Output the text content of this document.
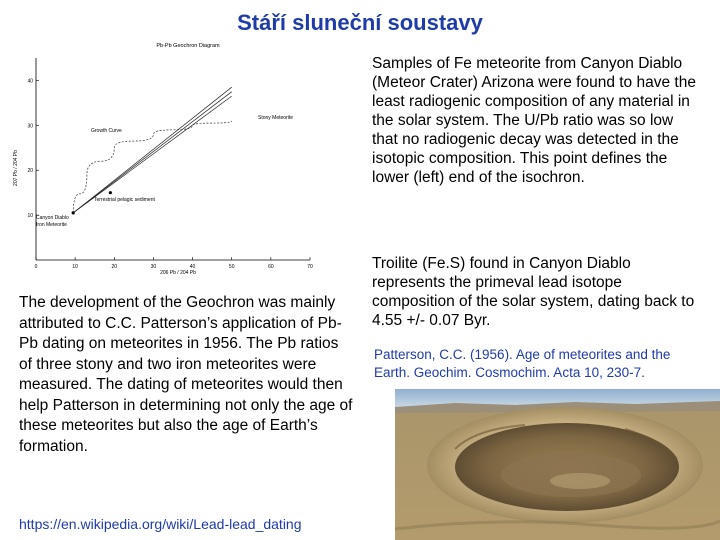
Stáří sluneční soustavy
Pb-Pb Geochron Diagram
207 Pb / 204 Pb
206 Pb / 204 Pb
40
30
20
10
0	10	20	30	40	50	60	70
Stony Meteorite
Growth Curve
Terrestrial pelagic sediment
Canyon Diablo
Iron Meteorite
Samples of Fe meteorite from Canyon Diablo (Meteor Crater) Arizona were found to have the least radiogenic composition of any material in the solar system. The U/Pb ratio was so low that no radiogenic decay was detected in the isotopic composition. This point defines the lower (left) end of the isochron.
Troilite (Fe.S) found in Canyon Diablo represents the primeval lead isotope composition of the solar system, dating back to 4.55 +/- 0.07 Byr.
Patterson, C.C. (1956). Age of meteorites and the Earth. Geochim. Cosmochim. Acta 10, 230-7.
The development of the Geochron was mainly attributed to C.C. Patterson’s application of Pb-Pb dating on meteorites in 1956. The Pb ratios of three stony and two iron meteorites were measured. The dating of meteorites would then help Patterson in determining not only the age of these meteorites but also the age of Earth’s formation.
https://en.wikipedia.org/wiki/Lead-lead_dating
